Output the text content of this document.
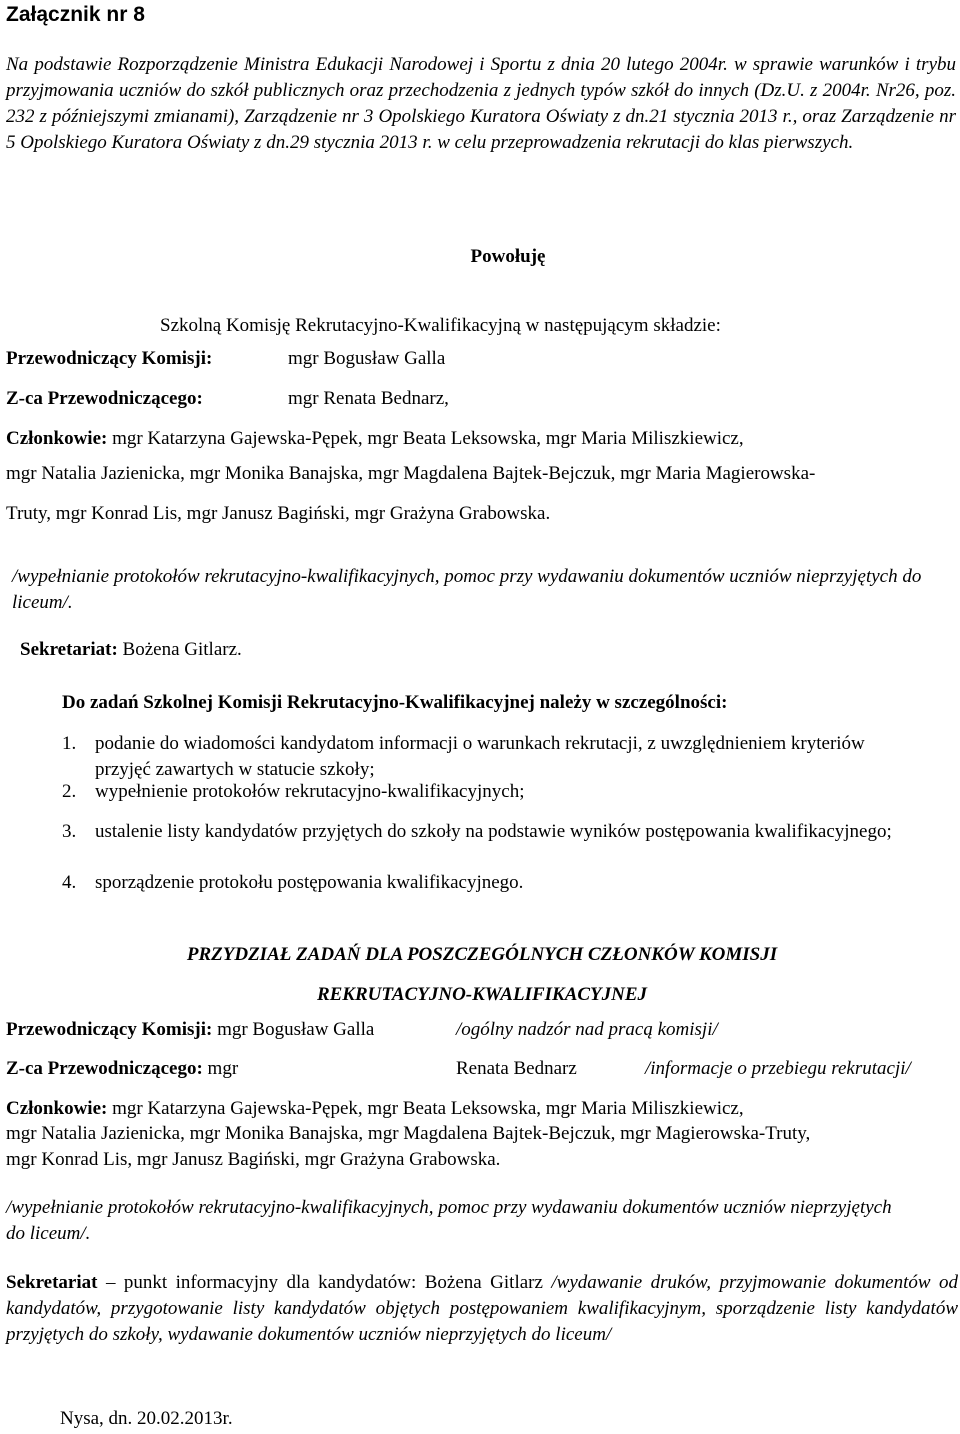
Załącznik nr 8
Na podstawie Rozporządzenie Ministra Edukacji Narodowej i Sportu z dnia 20 lutego 2004r. w sprawie warunków i trybu przyjmowania uczniów do szkół publicznych oraz przechodzenia z jednych typów szkół do innych (Dz.U. z 2004r. Nr26, poz. 232 z późniejszymi zmianami), Zarządzenie nr 3 Opolskiego Kuratora Oświaty z dn.21 stycznia 2013 r., oraz Zarządzenie nr 5 Opolskiego Kuratora Oświaty z dn.29 stycznia 2013 r. w celu przeprowadzenia rekrutacji do klas pierwszych.
Powołuję
Szkolną Komisję Rekrutacyjno-Kwalifikacyjną w następującym składzie:
Przewodniczący Komisji:	mgr Bogusław Galla
Z-ca Przewodniczącego:	mgr Renata Bednarz,
Członkowie: mgr Katarzyna Gajewska-Pępek, mgr Beata Leksowska, mgr Maria Miliszkiewicz,
mgr Natalia Jazienicka, mgr Monika Banajska, mgr Magdalena Bajtek-Bejczuk, mgr Maria Magierowska-
Truty, mgr Konrad Lis, mgr Janusz Bagiński, mgr Grażyna Grabowska.
/wypełnianie protokołów rekrutacyjno-kwalifikacyjnych, pomoc przy wydawaniu dokumentów uczniów nieprzyjętych do liceum/.
Sekretariat: Bożena Gitlarz.
Do zadań Szkolnej Komisji Rekrutacyjno-Kwalifikacyjnej należy w szczególności:
1. podanie do wiadomości kandydatom informacji o warunkach rekrutacji, z uwzględnieniem kryteriów przyjęć zawartych w statucie szkoły;
2. wypełnienie protokołów rekrutacyjno-kwalifikacyjnych;
3. ustalenie listy kandydatów przyjętych do szkoły na podstawie wyników postępowania kwalifikacyjnego;
4. sporządzenie protokołu postępowania kwalifikacyjnego.
PRZYDZIAŁ ZADAŃ DLA POSZCZEGÓLNYCH CZŁONKÓW KOMISJI
REKRUTACYJNO-KWALIFIKACYJNEJ
Przewodniczący Komisji: mgr Bogusław Galla	/ogólny nadzór nad pracą komisji/
Z-ca Przewodniczącego: mgr	Renata Bednarz	/informacje o przebiegu rekrutacji/
Członkowie: mgr Katarzyna Gajewska-Pępek, mgr Beata Leksowska, mgr Maria Miliszkiewicz,
mgr Natalia Jazienicka, mgr Monika Banajska, mgr Magdalena Bajtek-Bejczuk, mgr Magierowska-Truty,
mgr Konrad Lis, mgr Janusz Bagiński, mgr Grażyna Grabowska.
/wypełnianie protokołów rekrutacyjno-kwalifikacyjnych, pomoc przy wydawaniu dokumentów uczniów nieprzyjętych do liceum/.
Sekretariat – punkt informacyjny dla kandydatów: Bożena Gitlarz /wydawanie druków, przyjmowanie dokumentów od kandydatów, przygotowanie listy kandydatów objętych postępowaniem kwalifikacyjnym, sporządzenie listy kandydatów przyjętych do szkoły, wydawanie dokumentów uczniów nieprzyjętych do liceum/
Nysa, dn. 20.02.2013r.
